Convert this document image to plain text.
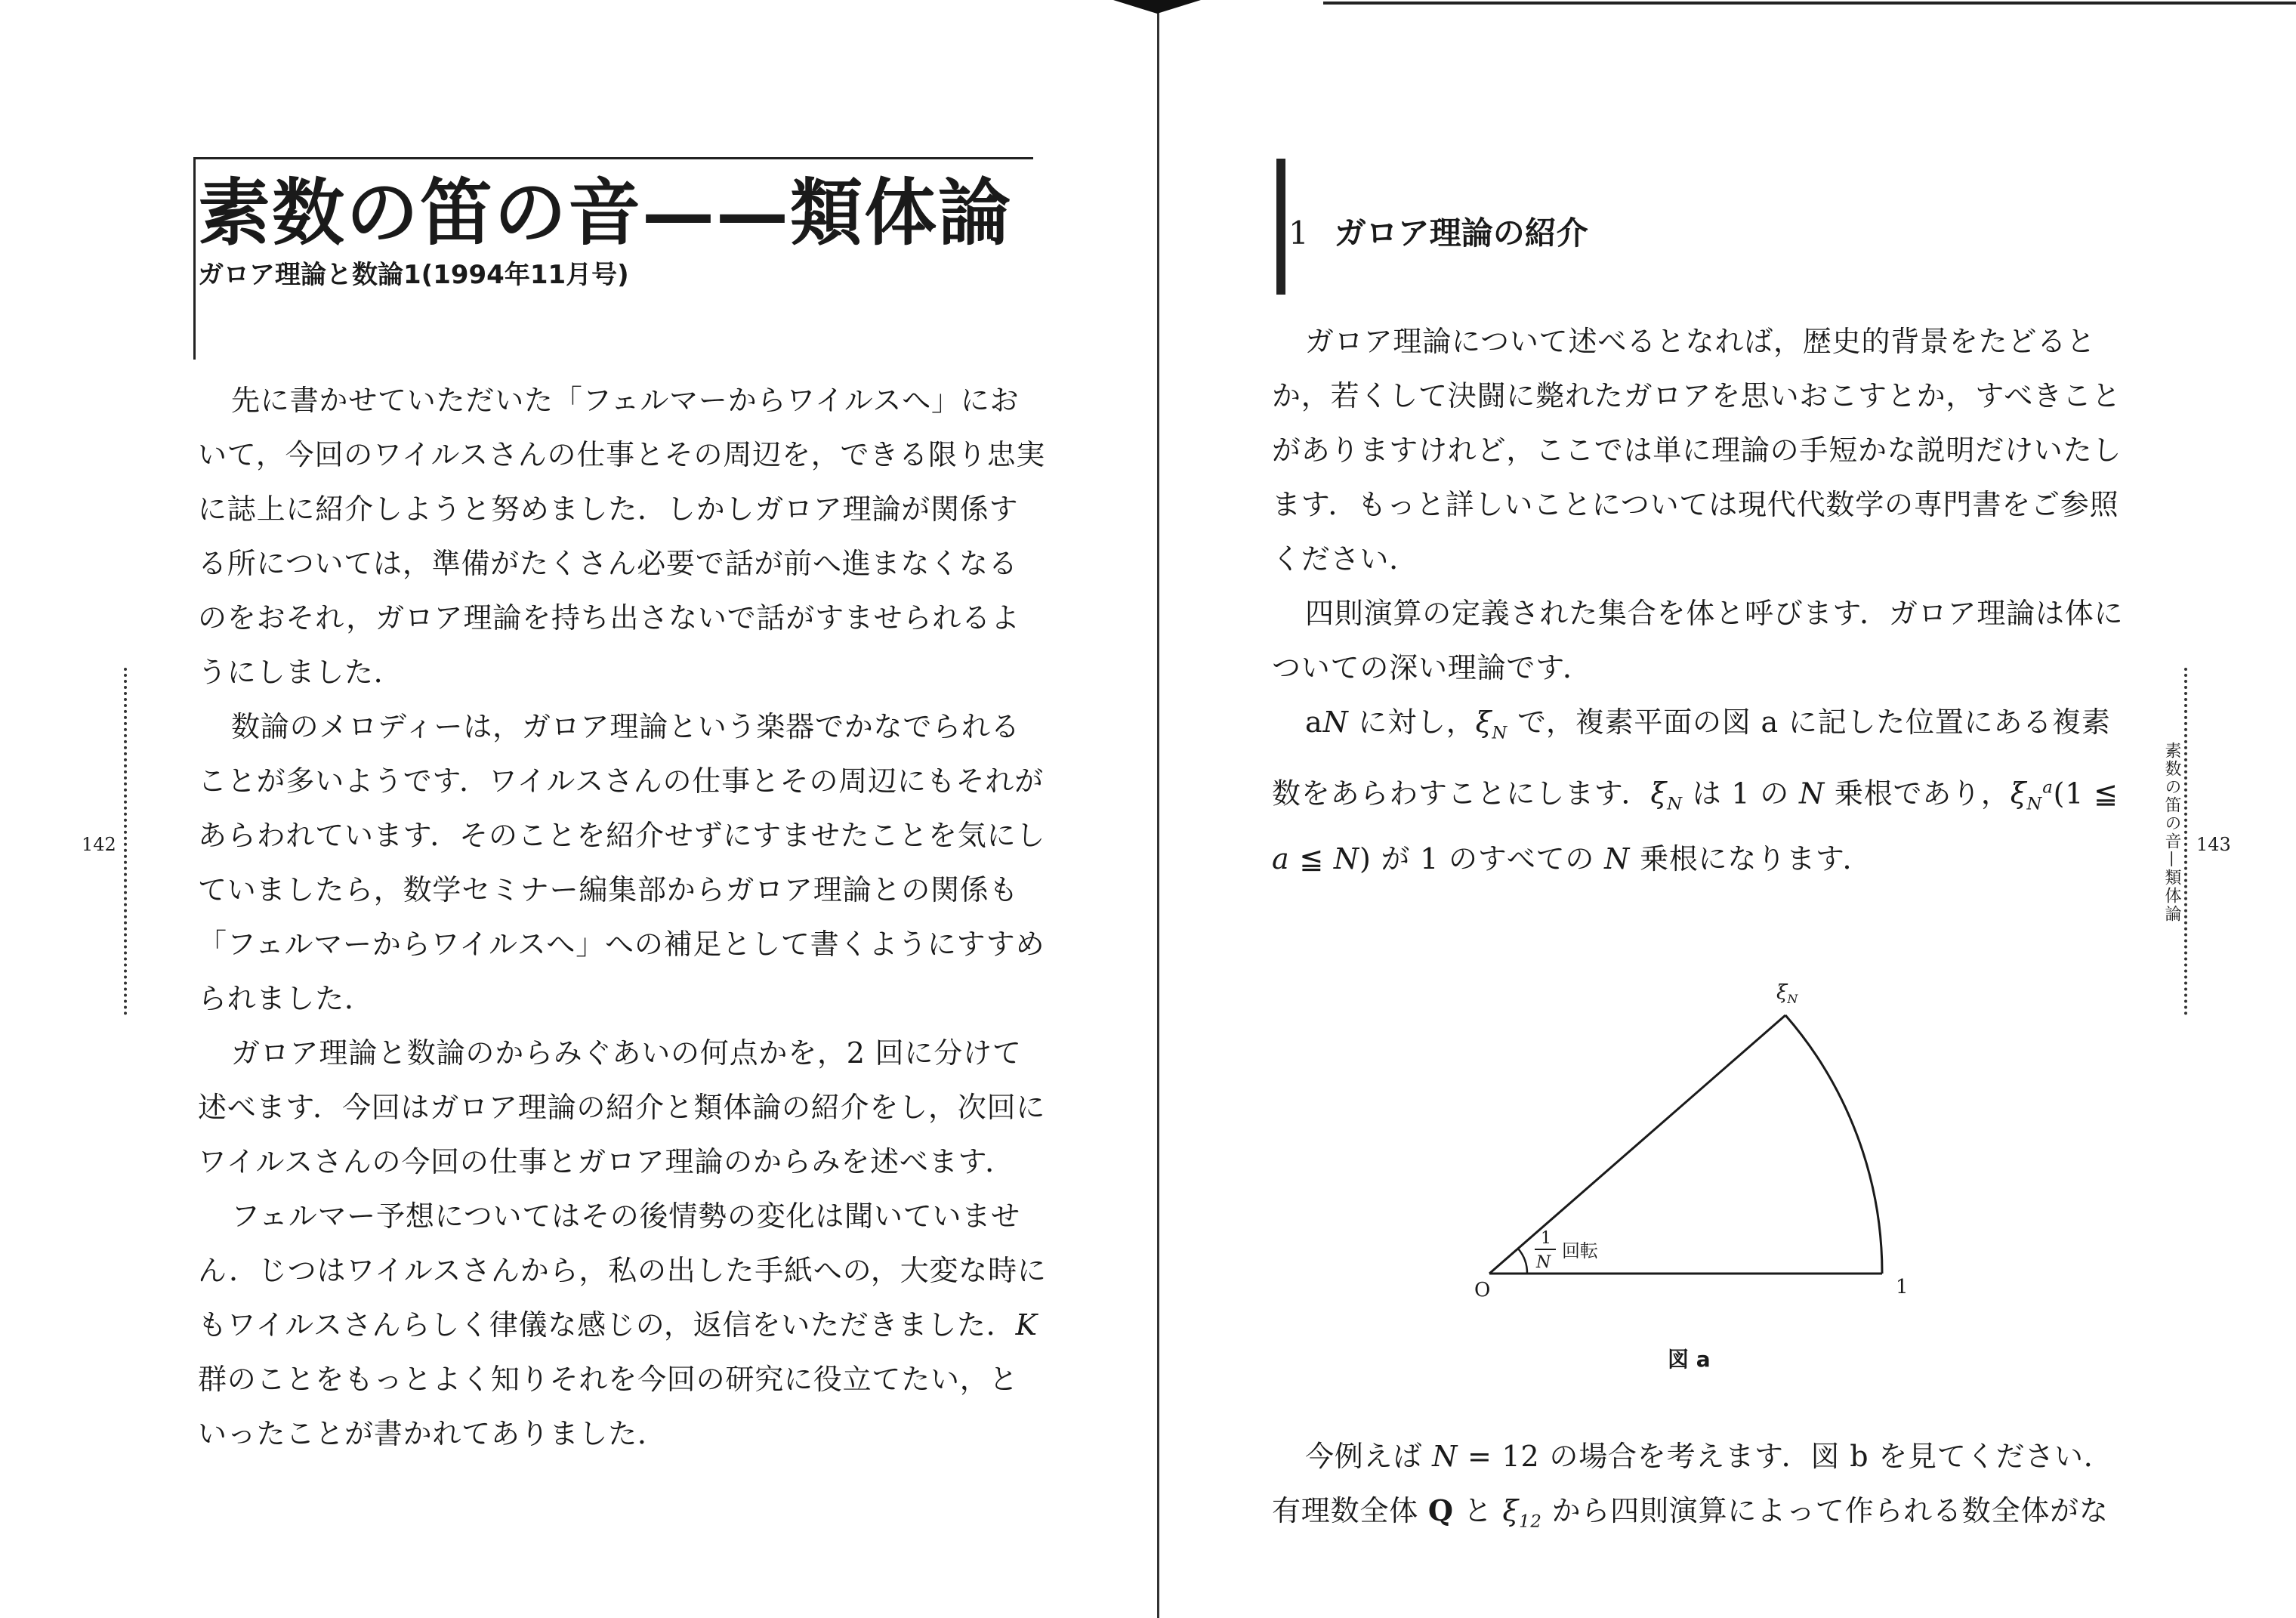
素数の笛の音——類体論
ガロア理論と数論1(1994年11月号)

先に書かせていただいた「フェルマーからワイルスへ」において，今回のワイルスさんの仕事とその周辺を，できる限り忠実に誌上に紹介しようと努めました．しかしガロア理論が関係する所については，準備がたくさん必要で話が前へ進まなくなるのをおそれ，ガロア理論を持ち出さないで話がすませられるようにしました．

数論のメロディーは，ガロア理論という楽器でかなでられることが多いようです．ワイルスさんの仕事とその周辺にもそれがあらわれています．そのことを紹介せずにすませたことを気にしていましたら，数学セミナー編集部からガロア理論との関係も「フェルマーからワイルスへ」への補足として書くようにすすめられました．

ガロア理論と数論のからみぐあいの何点かを，2 回に分けて述べます．今回はガロア理論の紹介と類体論の紹介をし，次回にワイルスさんの今回の仕事とガロア理論のからみを述べます．

フェルマー予想についてはその後情勢の変化は聞いていません．じつはワイルスさんから，私の出した手紙への，大変な時にもワイルスさんらしく律儀な感じの，返信をいただきました．K 群のことをもっとよく知りそれを今回の研究に役立てたい，といったことが書かれてありました．

142
1 ガロア理論の紹介

ガロア理論について述べるとなれば，歴史的背景をたどるとか，若くして決闘に斃れたガロアを思いおこすとか，すべきことがありますけれど，ここでは単に理論の手短かな説明だけいたします．もっと詳しいことについては現代代数学の専門書をご参照ください．

四則演算の定義された集合を体と呼びます．ガロア理論は体についての深い理論です．

aN に対し，$\xi_N$ で，複素平面の図 a に記した位置にある複素数をあらわすことにします．$\xi_N$ は 1 の N 乗根であり，$\xi_N^a(1$ ≦ a ≦ N) が 1 のすべての N 乗根になります．

O	1
$\xi_N$
1
N
回転
図 a

今例えば N = 12 の場合を考えます．図 b を見てください．有理数全体 Q と $\xi_{12}$ から四則演算によって作られる数全体がな

素数の笛の音—類体論 143
